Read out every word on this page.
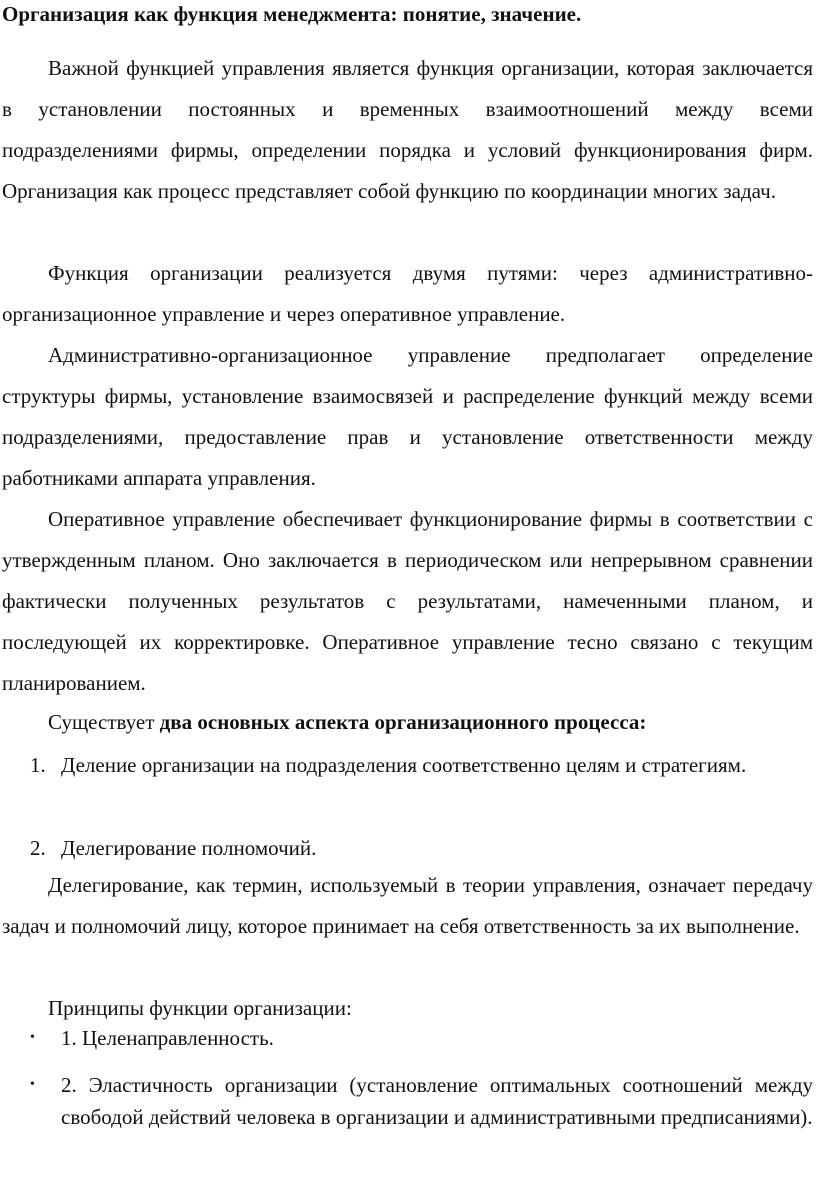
Организация как функция менеджмента: понятие, значение.

Важной функцией управления является функция организации, которая заключается в установлении постоянных и временных взаимоотношений между всеми подразделениями фирмы, определении порядка и условий функционирования фирм. Организация как процесс представляет собой функцию по координации многих задач.

Функция организации реализуется двумя путями: через административно-организационное управление и через оперативное управление.

Административно-организационное управление предполагает определение структуры фирмы, установление взаимосвязей и распределение функций между всеми подразделениями, предоставление прав и установление ответственности между работниками аппарата управления.

Оперативное управление обеспечивает функционирование фирмы в соответствии с утвержденным планом. Оно заключается в периодическом или непрерывном сравнении фактически полученных результатов с результатами, намеченными планом, и последующей их корректировке. Оперативное управление тесно связано с текущим планированием.

Существует два основных аспекта организационного процесса:
1. Деление организации на подразделения соответственно целям и стратегиям.
2. Делегирование полномочий.

Делегирование, как термин, используемый в теории управления, означает передачу задач и полномочий лицу, которое принимает на себя ответственность за их выполнение.

Принципы функции организации:
• 1. Целенаправленность.
• 2. Эластичность организации (установление оптимальных соотношений между свободой действий человека в организации и административными предписаниями).
